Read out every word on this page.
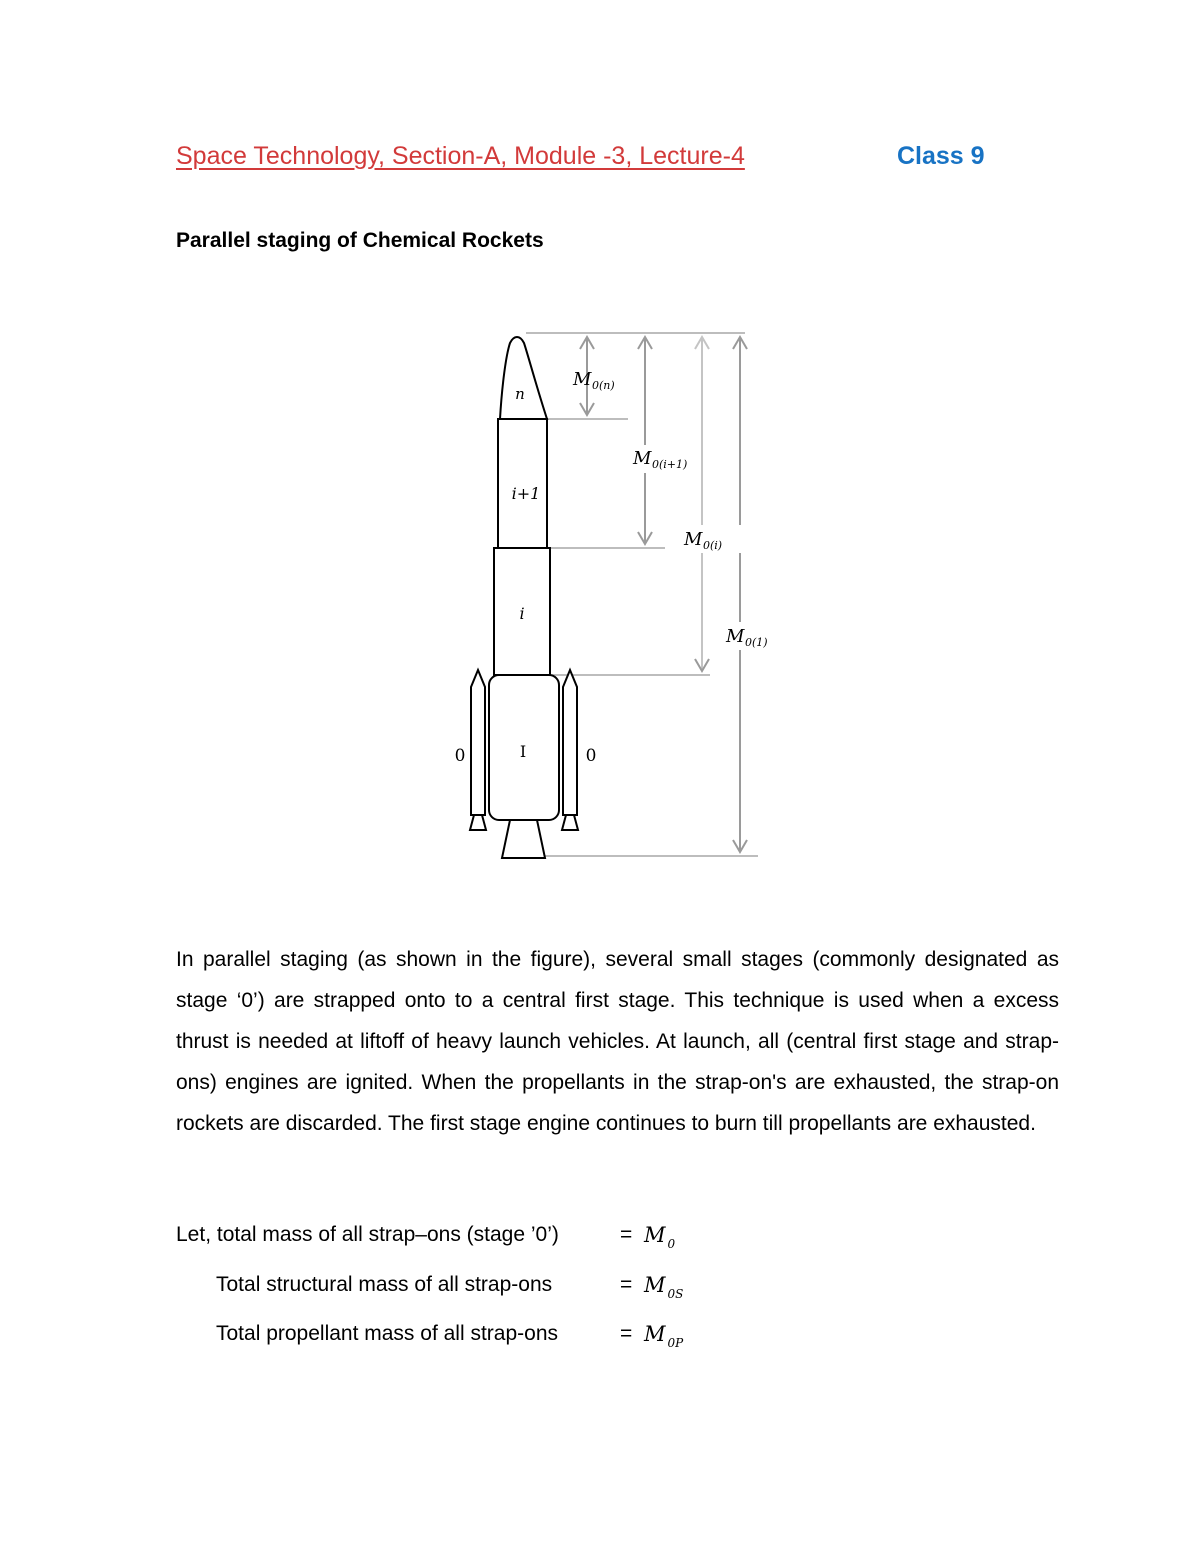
Space Technology, Section-A, Module -3, Lecture-4	Class 9
Parallel staging of Chemical Rockets
n
i+1
i
I
0	0
M 0(n)
M 0(i+1)
M 0(i)
M 0(1)

In parallel staging (as shown in the figure), several small stages (commonly designated as stage ‘0’) are strapped onto to a central first stage. This technique is used when a excess thrust is needed at liftoff of heavy launch vehicles. At launch, all (central first stage and strap-ons) engines are ignited. When the propellants in the strap-on's are exhausted, the strap-on rockets are discarded. The first stage engine continues to burn till propellants are exhausted.

Let, total mass of all strap–ons (stage ’0’)	= M $_0$
Total structural mass of all strap-ons	= M $_{0S}$
Total propellant mass of all strap-ons	= M $_{0P}$
